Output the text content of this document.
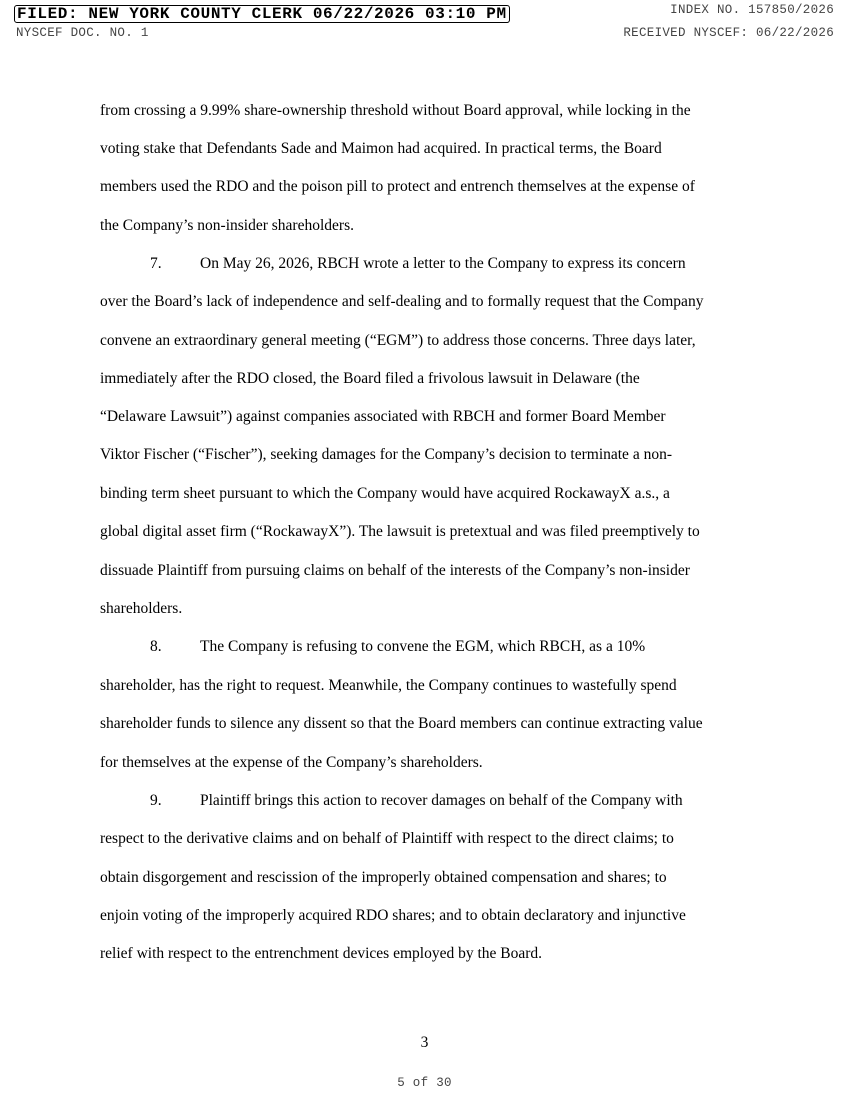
FILED: NEW YORK COUNTY CLERK 06/22/2026 03:10 PM	INDEX NO. 157850/2026
NYSCEF DOC. NO. 1	RECEIVED NYSCEF: 06/22/2026
from crossing a 9.99% share-ownership threshold without Board approval, while locking in the
voting stake that Defendants Sade and Maimon had acquired. In practical terms, the Board
members used the RDO and the poison pill to protect and entrench themselves at the expense of
the Company’s non-insider shareholders.
7. On May 26, 2026, RBCH wrote a letter to the Company to express its concern
over the Board’s lack of independence and self-dealing and to formally request that the Company
convene an extraordinary general meeting (“EGM”) to address those concerns. Three days later,
immediately after the RDO closed, the Board filed a frivolous lawsuit in Delaware (the
“Delaware Lawsuit”) against companies associated with RBCH and former Board Member
Viktor Fischer (“Fischer”), seeking damages for the Company’s decision to terminate a non-
binding term sheet pursuant to which the Company would have acquired RockawayX a.s., a
global digital asset firm (“RockawayX”). The lawsuit is pretextual and was filed preemptively to
dissuade Plaintiff from pursuing claims on behalf of the interests of the Company’s non-insider
shareholders.
8. The Company is refusing to convene the EGM, which RBCH, as a 10%
shareholder, has the right to request. Meanwhile, the Company continues to wastefully spend
shareholder funds to silence any dissent so that the Board members can continue extracting value
for themselves at the expense of the Company’s shareholders.
9. Plaintiff brings this action to recover damages on behalf of the Company with
respect to the derivative claims and on behalf of Plaintiff with respect to the direct claims; to
obtain disgorgement and rescission of the improperly obtained compensation and shares; to
enjoin voting of the improperly acquired RDO shares; and to obtain declaratory and injunctive
relief with respect to the entrenchment devices employed by the Board.
3
5 of 30
